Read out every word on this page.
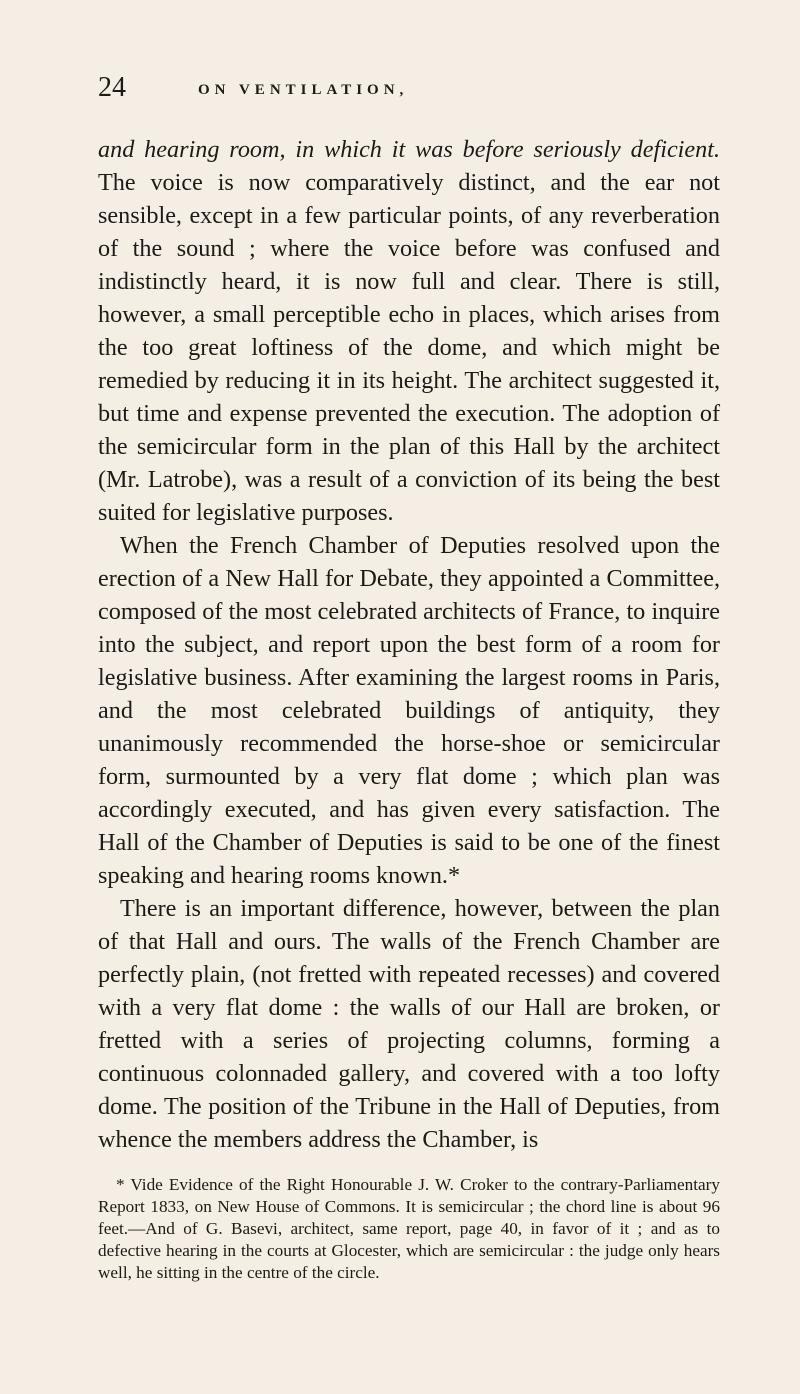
24	ON VENTILATION,

and hearing room, in which it was before seriously deficient. The voice is now comparatively distinct, and the ear not sensible, except in a few particular points, of any reverberation of the sound ; where the voice before was confused and indistinctly heard, it is now full and clear. There is still, however, a small perceptible echo in places, which arises from the too great loftiness of the dome, and which might be remedied by reducing it in its height. The architect suggested it, but time and expense prevented the execution. The adoption of the semicircular form in the plan of this Hall by the architect (Mr. Latrobe), was a result of a conviction of its being the best suited for legislative purposes.

When the French Chamber of Deputies resolved upon the erection of a New Hall for Debate, they appointed a Committee, composed of the most celebrated architects of France, to inquire into the subject, and report upon the best form of a room for legislative business. After examining the largest rooms in Paris, and the most celebrated buildings of antiquity, they unanimously recommended the horse-shoe or semicircular form, surmounted by a very flat dome ; which plan was accordingly executed, and has given every satisfaction. The Hall of the Chamber of Deputies is said to be one of the finest speaking and hearing rooms known.*

There is an important difference, however, between the plan of that Hall and ours. The walls of the French Chamber are perfectly plain, (not fretted with repeated recesses) and covered with a very flat dome : the walls of our Hall are broken, or fretted with a series of projecting columns, forming a continuous colonnaded gallery, and covered with a too lofty dome. The position of the Tribune in the Hall of Deputies, from whence the members address the Chamber, is

* Vide Evidence of the Right Honourable J. W. Croker to the contrary-Parliamentary Report 1833, on New House of Commons. It is semicircular ; the chord line is about 96 feet.—And of G. Basevi, architect, same report, page 40, in favor of it ; and as to defective hearing in the courts at Glocester, which are semicircular : the judge only hears well, he sitting in the centre of the circle.
